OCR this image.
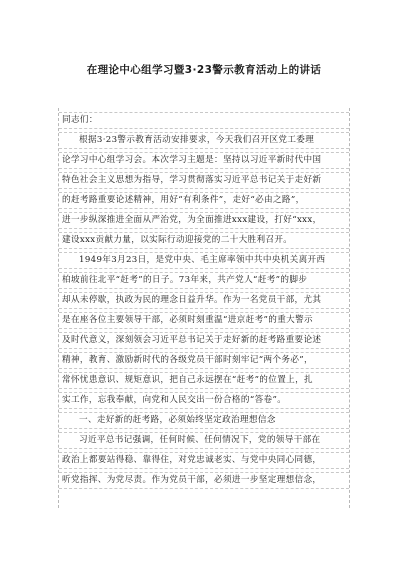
在理论中心组学习暨3·23警示教育活动上的讲话
同志们：
根据3·23警示教育活动安排要求，今天我们召开区党工委理
论学习中心组学习会。本次学习主题是：坚持以习近平新时代中国
特色社会主义思想为指导，学习贯彻落实习近平总书记关于走好新
的赶考路重要论述精神，用好“有利条件”，走好“必由之路”，
进一步纵深推进全面从严治党，为全面推进xxx建设，打好“xxx，
建设xxx贡献力量，以实际行动迎接党的二十大胜利召开。
1949年3月23日，是党中央、毛主席率领中共中央机关离开西
柏坡前往北平“赶考”的日子。73年来，共产党人“赶考”的脚步
却从未停歇，执政为民的理念日益升华。作为一名党员干部，尤其
是在座各位主要领导干部，必须时刻重温“进京赶考”的重大警示
及时代意义，深刻领会习近平总书记关于走好新的赶考路重要论述
精神，教育、激励新时代的各级党员干部时刻牢记“两个务必”，
常怀忧患意识、规矩意识，把自己永远摆在“赶考”的位置上，扎
实工作，忘我奉献，向党和人民交出一份合格的“答卷”。
一、走好新的赶考路，必须始终坚定政治理想信念
习近平总书记强调，任何时候、任何情况下，党的领导干部在
政治上都要站得稳、靠得住，对党忠诚老实、与党中央同心同德，
听党指挥、为党尽责。作为党员干部，必须进一步坚定理想信念，
